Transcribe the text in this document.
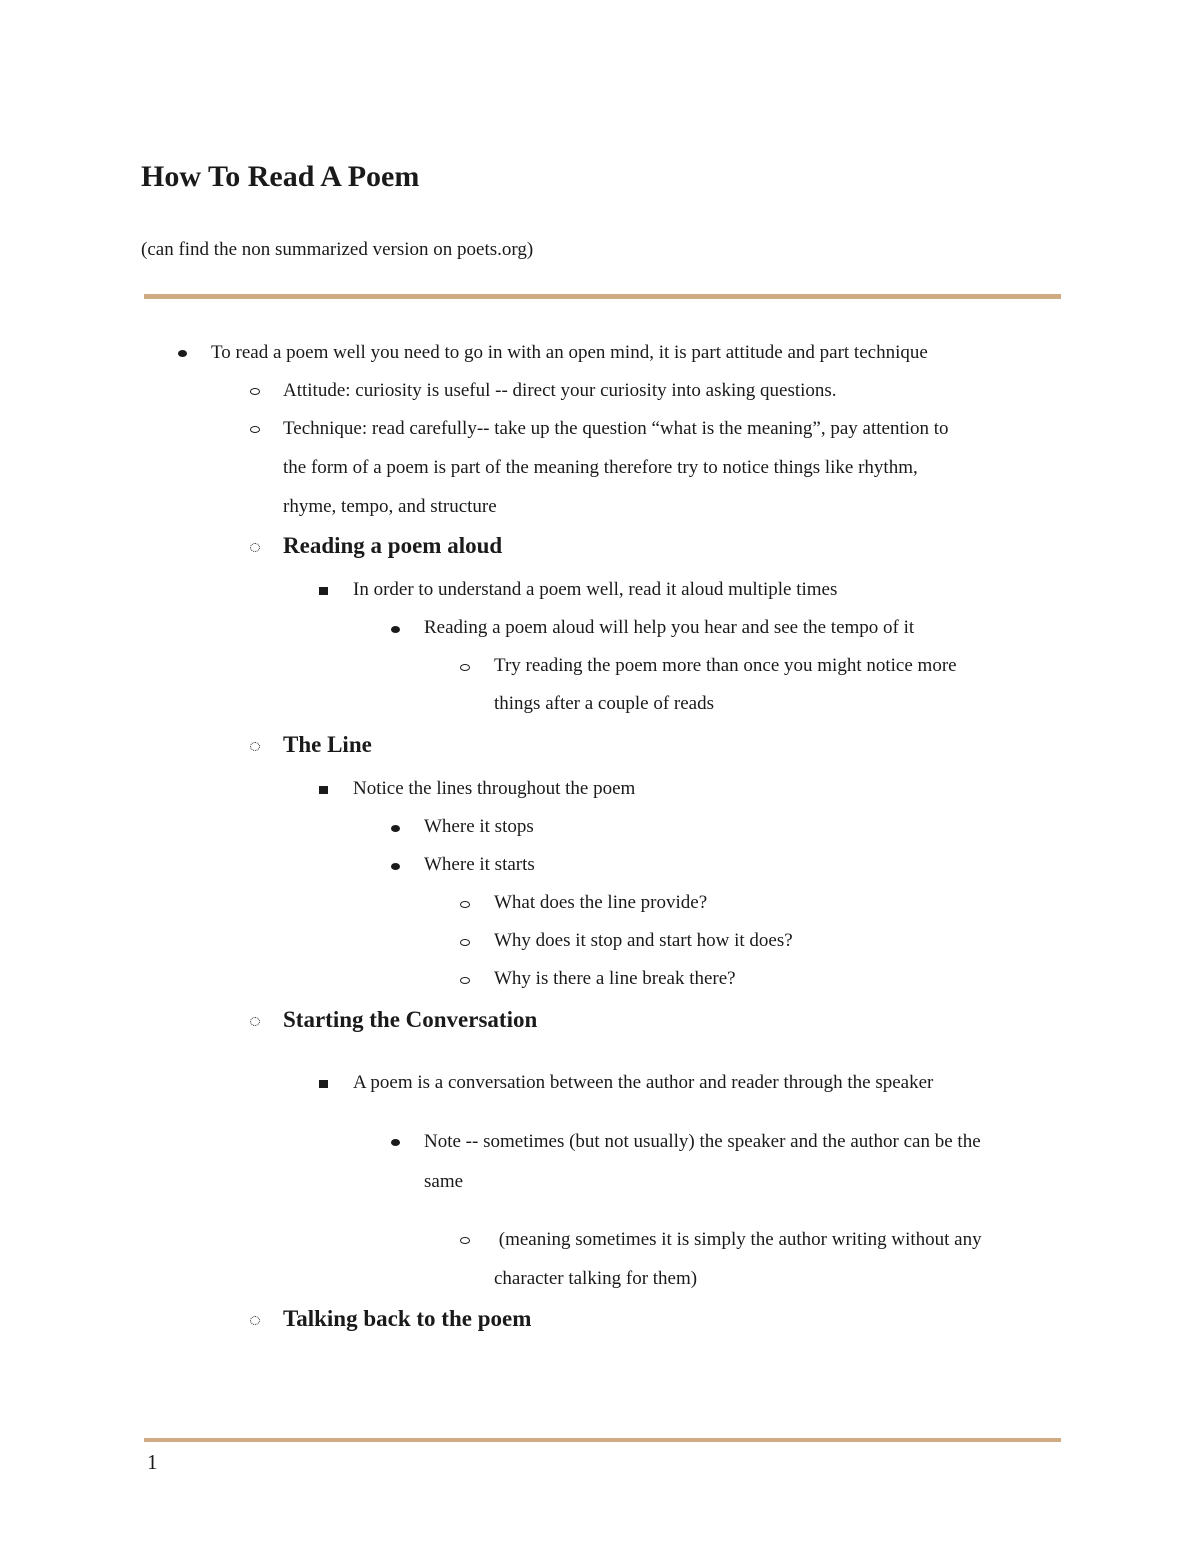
How To Read A Poem

(can find the non summarized version on poets.org)

To read a poem well you need to go in with an open mind, it is part attitude and part technique
Attitude: curiosity is useful -- direct your curiosity into asking questions.
Technique: read carefully-- take up the question “what is the meaning”, pay attention to
the form of a poem is part of the meaning therefore try to notice things like rhythm,
rhyme, tempo, and structure
Reading a poem aloud
In order to understand a poem well, read it aloud multiple times
Reading a poem aloud will help you hear and see the tempo of it
Try reading the poem more than once you might notice more
things after a couple of reads
The Line
Notice the lines throughout the poem
Where it stops
Where it starts
What does the line provide?
Why does it stop and start how it does?
Why is there a line break there?
Starting the Conversation
A poem is a conversation between the author and reader through the speaker
Note -- sometimes (but not usually) the speaker and the author can be the
same
(meaning sometimes it is simply the author writing without any
character talking for them)
Talking back to the poem
1
